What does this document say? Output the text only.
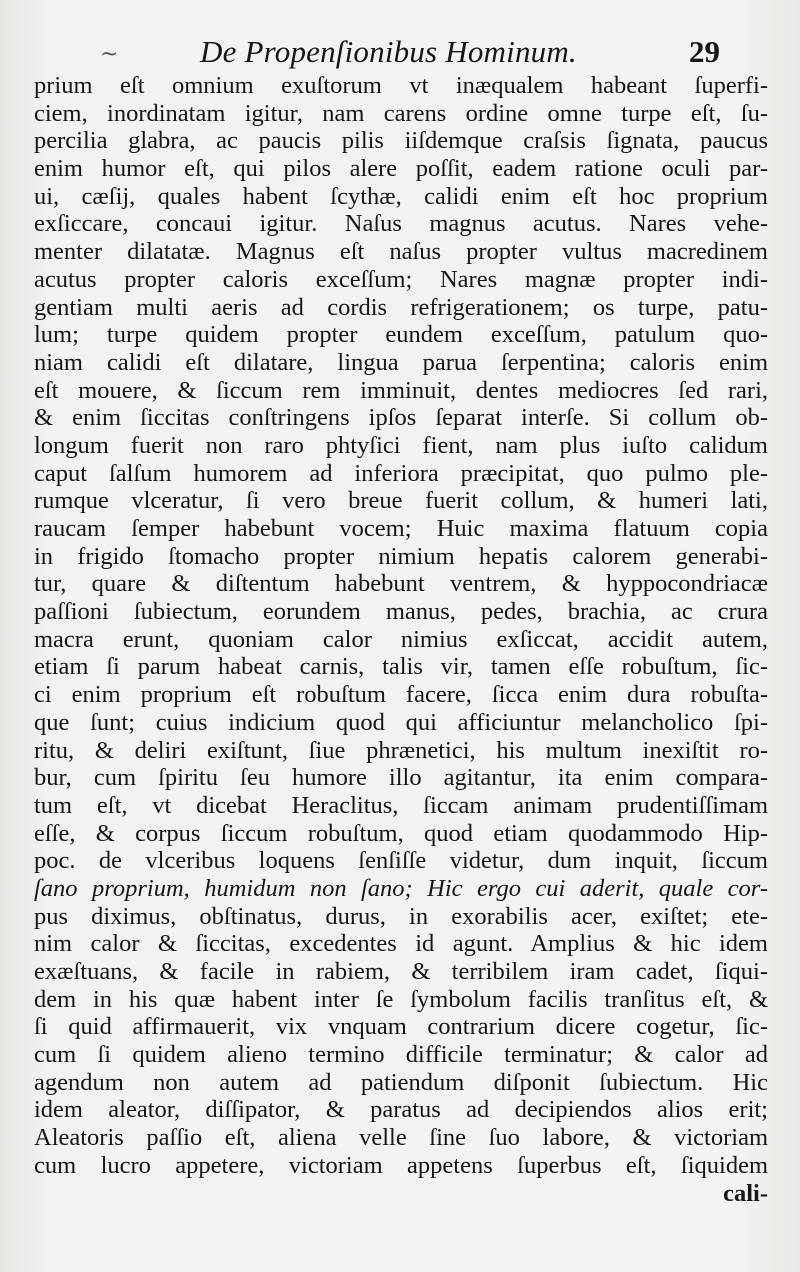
~	De Propenſionibus Hominum.	29
prium eſt omnium exuſtorum vt inæqualem habeant ſuperfi-
ciem, inordinatam igitur, nam carens ordine omne turpe eſt, ſu-
percilia glabra, ac paucis pilis iiſdemque craſsis ſignata, paucus
enim humor eſt, qui pilos alere poſſit, eadem ratione oculi par-
ui, cæſij, quales habent ſcythæ, calidi enim eſt hoc proprium
exſiccare, concaui igitur. Naſus magnus acutus. Nares vehe-
menter dilatatæ. Magnus eſt naſus propter vultus macredinem
acutus propter caloris exceſſum; Nares magnæ propter indi-
gentiam multi aeris ad cordis refrigerationem; os turpe, patu-
lum; turpe quidem propter eundem exceſſum, patulum quo-
niam calidi eſt dilatare, lingua parua ſerpentina; caloris enim
eſt mouere, & ſiccum rem imminuit, dentes mediocres ſed rari,
& enim ſiccitas conſtringens ipſos ſeparat interſe. Si collum ob-
longum fuerit non raro phtyſici fient, nam plus iuſto calidum
caput ſalſum humorem ad inferiora præcipitat, quo pulmo ple-
rumque vlceratur, ſi vero breue fuerit collum, & humeri lati,
raucam ſemper habebunt vocem; Huic maxima flatuum copia
in frigido ſtomacho propter nimium hepatis calorem generabi-
tur, quare & diſtentum habebunt ventrem, & hyppocondriacæ
paſſioni ſubiectum, eorundem manus, pedes, brachia, ac crura
macra erunt, quoniam calor nimius exſiccat, accidit autem,
etiam ſi parum habeat carnis, talis vir, tamen eſſe robuſtum, ſic-
ci enim proprium eſt robuſtum facere, ſicca enim dura robuſta-
que ſunt; cuius indicium quod qui afficiuntur melancholico ſpi-
ritu, & deliri exiſtunt, ſiue phrænetici, his multum inexiſtit ro-
bur, cum ſpiritu ſeu humore illo agitantur, ita enim compara-
tum eſt, vt dicebat Heraclitus, ſiccam animam prudentiſſimam
eſſe, & corpus ſiccum robuſtum, quod etiam quodammodo Hip-
poc. de vlceribus loquens ſenſiſſe videtur, dum inquit, ſiccum
ſano proprium, humidum non ſano; Hic ergo cui aderit, quale cor-
pus diximus, obſtinatus, durus, in exorabilis acer, exiſtet; ete-
nim calor & ſiccitas, excedentes id agunt. Amplius & hic idem
exæſtuans, & facile in rabiem, & terribilem iram cadet, ſiqui-
dem in his quæ habent inter ſe ſymbolum facilis tranſitus eſt, &
ſi quid affirmauerit, vix vnquam contrarium dicere cogetur, ſic-
cum ſi quidem alieno termino difficile terminatur; & calor ad
agendum non autem ad patiendum diſponit ſubiectum. Hic
idem aleator, diſſipator, & paratus ad decipiendos alios erit;
Aleatoris paſſio eſt, aliena velle ſine ſuo labore, & victoriam
cum lucro appetere, victoriam appetens ſuperbus eſt, ſiquidem
cali-
